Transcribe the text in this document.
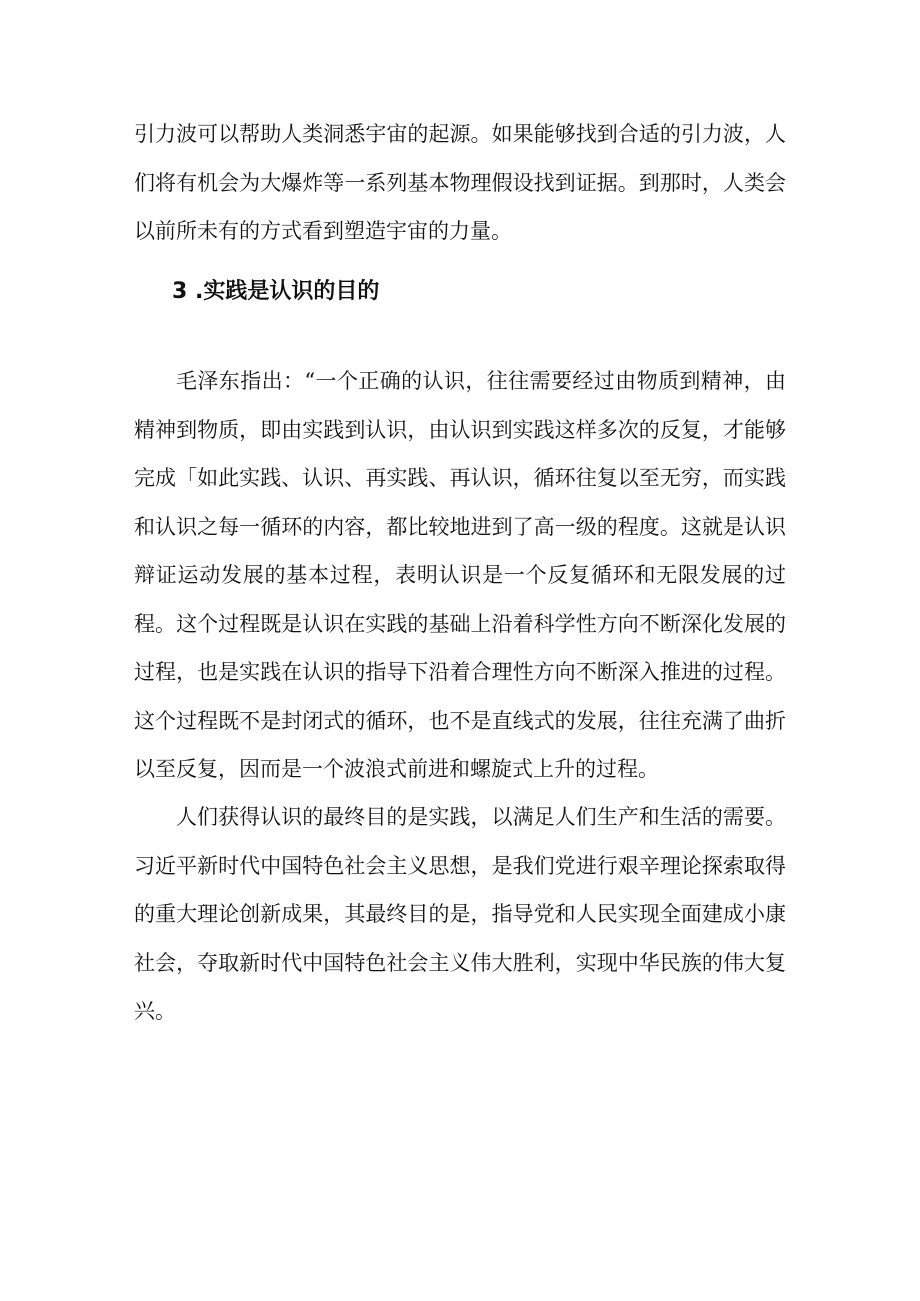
引力波可以帮助人类洞悉宇宙的起源。如果能够找到合适的引力波，人们将有机会为大爆炸等一系列基本物理假设找到证据。到那时，人类会以前所未有的方式看到塑造宇宙的力量。

3 .实践是认识的目的

毛泽东指出：“一个正确的认识，往往需要经过由物质到精神，由精神到物质，即由实践到认识，由认识到实践这样多次的反复，才能够完成「如此实践、认识、再实践、再认识，循环往复以至无穷，而实践和认识之每一循环的内容，都比较地进到了高一级的程度。这就是认识辩证运动发展的基本过程，表明认识是一个反复循环和无限发展的过程。这个过程既是认识在实践的基础上沿着科学性方向不断深化发展的过程，也是实践在认识的指导下沿着合理性方向不断深入推进的过程。这个过程既不是封闭式的循环，也不是直线式的发展，往往充满了曲折以至反复，因而是一个波浪式前进和螺旋式上升的过程。

人们获得认识的最终目的是实践，以满足人们生产和生活的需要。习近平新时代中国特色社会主义思想，是我们党进行艰辛理论探索取得的重大理论创新成果，其最终目的是，指导党和人民实现全面建成小康社会，夺取新时代中国特色社会主义伟大胜利，实现中华民族的伟大复兴。
